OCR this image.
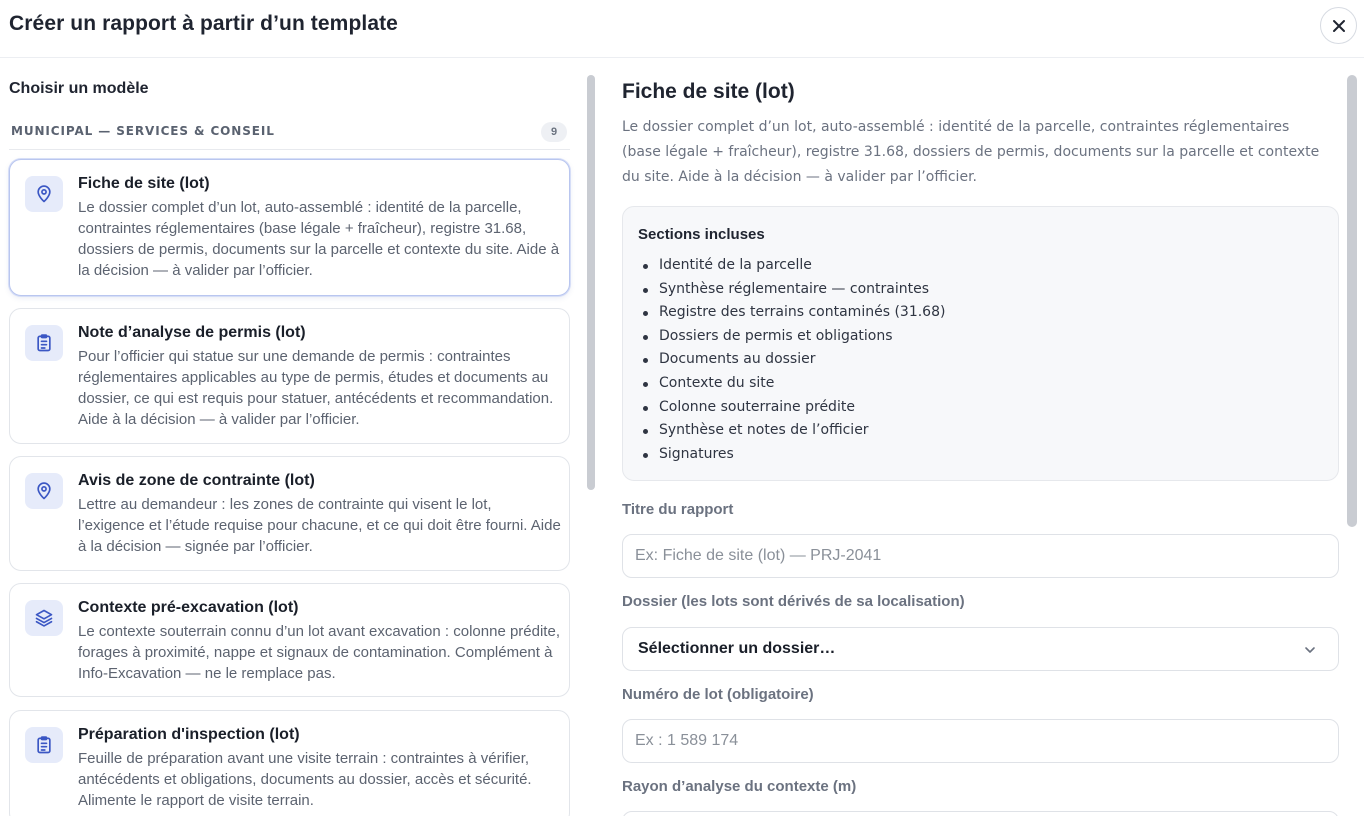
Créer un rapport à partir d’un template
Choisir un modèle
MUNICIPAL — SERVICES & CONSEIL	9
Fiche de site (lot)
Le dossier complet d’un lot, auto-assemblé : identité de la parcelle, contraintes réglementaires (base légale + fraîcheur), registre 31.68, dossiers de permis, documents sur la parcelle et contexte du site. Aide à la décision — à valider par l’officier.
Note d’analyse de permis (lot)
Pour l’officier qui statue sur une demande de permis : contraintes réglementaires applicables au type de permis, études et documents au dossier, ce qui est requis pour statuer, antécédents et recommandation. Aide à la décision — à valider par l’officier.
Avis de zone de contrainte (lot)
Lettre au demandeur : les zones de contrainte qui visent le lot, l’exigence et l’étude requise pour chacune, et ce qui doit être fourni. Aide à la décision — signée par l’officier.
Contexte pré-excavation (lot)
Le contexte souterrain connu d’un lot avant excavation : colonne prédite, forages à proximité, nappe et signaux de contamination. Complément à Info-Excavation — ne le remplace pas.
Préparation d'inspection (lot)
Feuille de préparation avant une visite terrain : contraintes à vérifier, antécédents et obligations, documents au dossier, accès et sécurité. Alimente le rapport de visite terrain.
Fiche de site (lot)
Le dossier complet d’un lot, auto-assemblé : identité de la parcelle, contraintes réglementaires (base légale + fraîcheur), registre 31.68, dossiers de permis, documents sur la parcelle et contexte du site. Aide à la décision — à valider par l’officier.
Sections incluses
Identité de la parcelle
Synthèse réglementaire — contraintes
Registre des terrains contaminés (31.68)
Dossiers de permis et obligations
Documents au dossier
Contexte du site
Colonne souterraine prédite
Synthèse et notes de l’officier
Signatures
Titre du rapport
Ex: Fiche de site (lot) — PRJ-2041
Dossier (les lots sont dérivés de sa localisation)
Sélectionner un dossier…
Numéro de lot (obligatoire)
Ex : 1 589 174
Rayon d’analyse du contexte (m)
